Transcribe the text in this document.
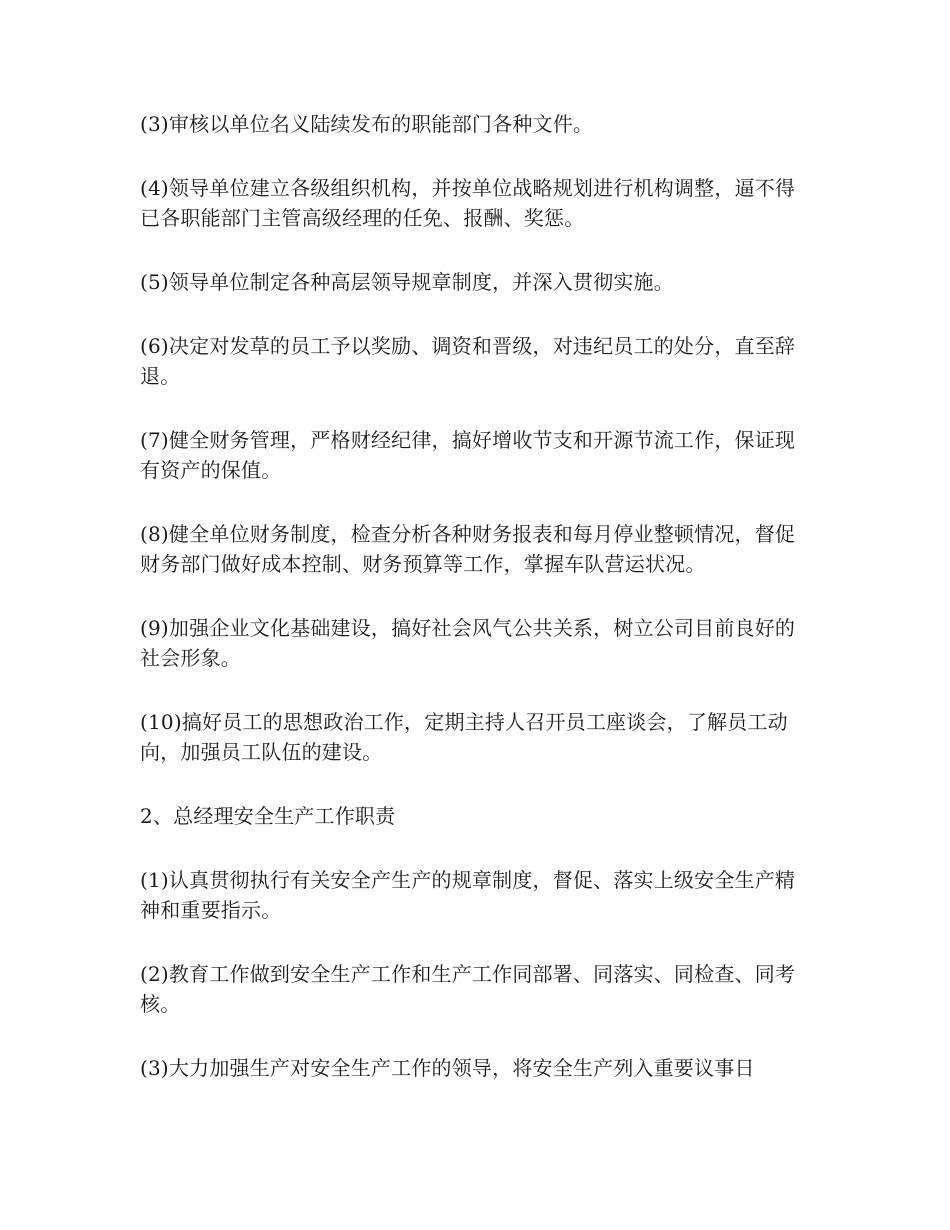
(3)审核以单位名义陆续发布的职能部门各种文件。

(4)领导单位建立各级组织机构，并按单位战略规划进行机构调整，逼不得已各职能部门主管高级经理的任免、报酬、奖惩。

(5)领导单位制定各种高层领导规章制度，并深入贯彻实施。

(6)决定对发草的员工予以奖励、调资和晋级，对违纪员工的处分，直至辞退。

(7)健全财务管理，严格财经纪律，搞好增收节支和开源节流工作，保证现有资产的保值。

(8)健全单位财务制度，检查分析各种财务报表和每月停业整顿情况，督促财务部门做好成本控制、财务预算等工作，掌握车队营运状况。

(9)加强企业文化基础建设，搞好社会风气公共关系，树立公司目前良好的社会形象。

(10)搞好员工的思想政治工作，定期主持人召开员工座谈会，了解员工动向，加强员工队伍的建设。

2、总经理安全生产工作职责

(1)认真贯彻执行有关安全产生产的规章制度，督促、落实上级安全生产精神和重要指示。

(2)教育工作做到安全生产工作和生产工作同部署、同落实、同检查、同考核。

(3)大力加强生产对安全生产工作的领导，将安全生产列入重要议事日
